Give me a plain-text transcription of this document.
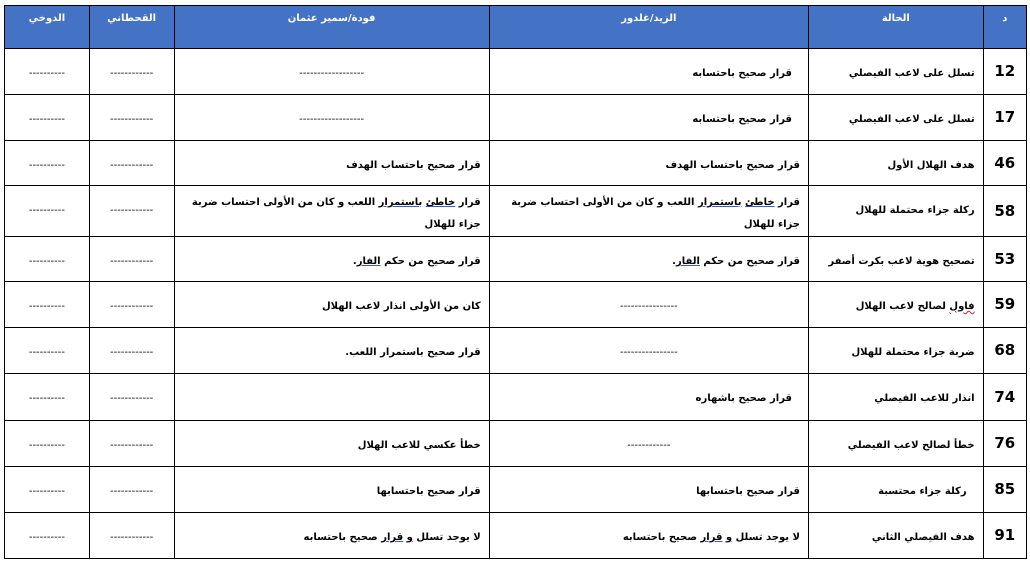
د	الحالة	الزيد/غلدور	فودة/سمير عثمان	القحطاني	الدوخي
12	تسلل على لاعب الفيصلي	قرار صحيح باحتسابه	------------------	------------	----------
17	تسلل على لاعب الفيصلي	قرار صحيح باحتسابه	------------------	------------	----------
46	هدف الهلال الأول	قرار صحيح باحتساب الهدف	قرار صحيح باحتساب الهدف	------------	----------
58	ركلة جزاء محتملة للهلال	قرار خاطئ باستمرار اللعب و كان من الأولى احتساب ضربة جزاء للهلال	قرار خاطئ باستمرار اللعب و كان من الأولى احتساب ضربة جزاء للهلال	------------	----------
53	تصحيح هوية لاعب بكرت أصفر	قرار صحيح من حكم الفار.	قرار صحيح من حكم الفار.	------------	----------
59	فاول لصالح لاعب الهلال	----------------	كان من الأولى انذار لاعب الهلال	------------	----------
68	ضربة جزاء محتملة للهلال	----------------	قرار صحيح باستمرار اللعب.	------------	----------
74	انذار للاعب الفيصلي	قرار صحيح باشهاره		------------	----------
76	خطأ لصالح لاعب الفيصلي	------------	خطأ عكسي للاعب الهلال	------------	----------
85	ركلة جزاء محتسبة	قرار صحيح باحتسابها	قرار صحيح باحتسابها	------------	----------
91	هدف الفيصلي الثاني	لا يوجد تسلل و قرار صحيح باحتسابه	لا يوجد تسلل و قرار صحيح باحتسابه	------------	----------
